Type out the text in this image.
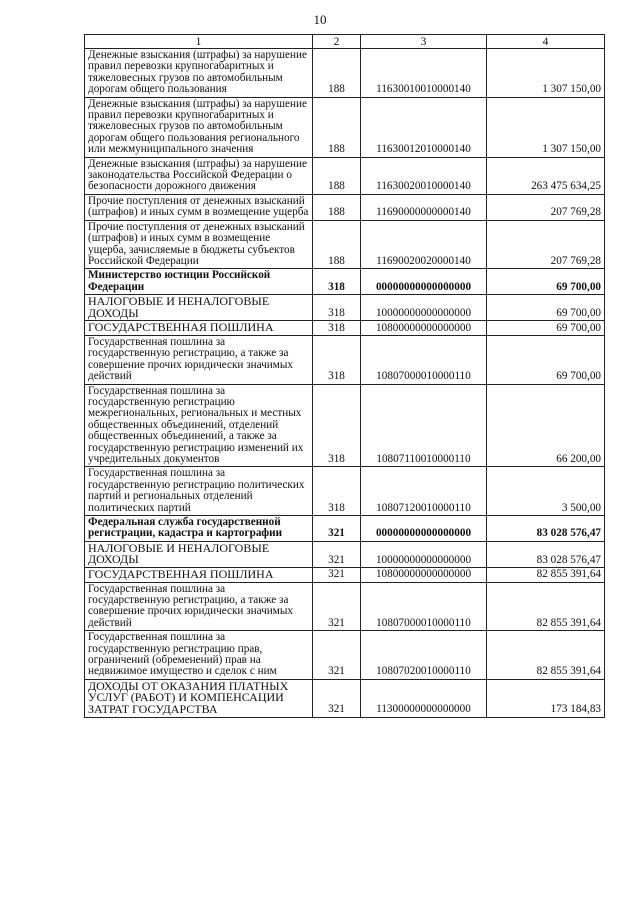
10
1	2	3	4
Денежные взыскания (штрафы) за нарушение правил перевозки крупногабаритных и тяжеловесных грузов по автомобильным дорогам общего пользования	188	11630010010000140	1 307 150,00
Денежные взыскания (штрафы) за нарушение правил перевозки крупногабаритных и тяжеловесных грузов по автомобильным дорогам общего пользования регионального или межмуниципального значения	188	11630012010000140	1 307 150,00
Денежные взыскания (штрафы) за нарушение законодательства Российской Федерации о безопасности дорожного движения	188	11630020010000140	263 475 634,25
Прочие поступления от денежных взысканий (штрафов) и иных сумм в возмещение ущерба	188	11690000000000140	207 769,28
Прочие поступления от денежных взысканий (штрафов) и иных сумм в возмещение ущерба, зачисляемые в бюджеты субъектов Российской Федерации	188	11690020020000140	207 769,28
Министерство юстиции Российской Федерации	318	00000000000000000	69 700,00
НАЛОГОВЫЕ И НЕНАЛОГОВЫЕ ДОХОДЫ	318	10000000000000000	69 700,00
ГОСУДАРСТВЕННАЯ ПОШЛИНА	318	10800000000000000	69 700,00
Государственная пошлина за государственную регистрацию, а также за совершение прочих юридически значимых действий	318	10807000010000110	69 700,00
Государственная пошлина за государственную регистрацию межрегиональных, региональных и местных общественных объединений, отделений общественных объединений, а также за государственную регистрацию изменений их учредительных документов	318	10807110010000110	66 200,00
Государственная пошлина за государственную регистрацию политических партий и региональных отделений политических партий	318	10807120010000110	3 500,00
Федеральная служба государственной регистрации, кадастра и картографии	321	00000000000000000	83 028 576,47
НАЛОГОВЫЕ И НЕНАЛОГОВЫЕ ДОХОДЫ	321	10000000000000000	83 028 576,47
ГОСУДАРСТВЕННАЯ ПОШЛИНА	321	10800000000000000	82 855 391,64
Государственная пошлина за государственную регистрацию, а также за совершение прочих юридически значимых действий	321	10807000010000110	82 855 391,64
Государственная пошлина за государственную регистрацию прав, ограничений (обременений) прав на недвижимое имущество и сделок с ним	321	10807020010000110	82 855 391,64
ДОХОДЫ ОТ ОКАЗАНИЯ ПЛАТНЫХ УСЛУГ (РАБОТ) И КОМПЕНСАЦИИ ЗАТРАТ ГОСУДАРСТВА	321	11300000000000000	173 184,83
